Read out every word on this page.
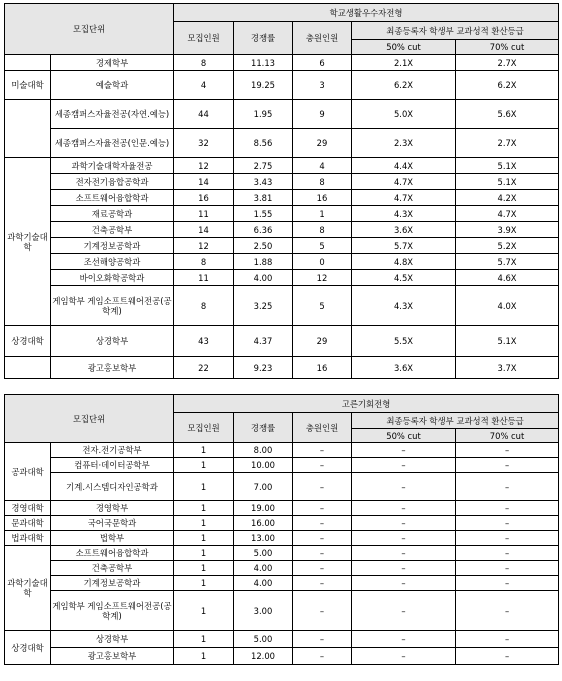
모집단위		학교생활우수자전형				
		모집인원	경쟁률	충원인원	최종등록자 학생부 교과성적 환산등급	
					50% cut	70% cut
	경제학부	8	11.13	6	2.1X	2.7X
미술대학	예술학과	4	19.25	3	6.2X	6.2X
	세종캠퍼스자율전공(자연.예능)	44	1.95	9	5.0X	5.6X
	세종캠퍼스자율전공(인문.예능)	32	8.56	29	2.3X	2.7X
과학기술대학	과학기술대학자율전공	12	2.75	4	4.4X	5.1X
	전자전기융합공학과	14	3.43	8	4.7X	5.1X
	소프트웨어융합학과	16	3.81	16	4.7X	4.2X
	재료공학과	11	1.55	1	4.3X	4.7X
	건축공학부	14	6.36	8	3.6X	3.9X
	기계정보공학과	12	2.50	5	5.7X	5.2X
	조선해양공학과	8	1.88	0	4.8X	5.7X
	바이오화학공학과	11	4.00	12	4.5X	4.6X
	게임학부 게임소프트웨어전공(공학계)	8	3.25	5	4.3X	4.0X
상경대학	상경학부	43	4.37	29	5.5X	5.1X
	광고홍보학부	22	9.23	16	3.6X	3.7X
모집단위		고른기회전형				
		모집인원	경쟁률	충원인원	최종등록자 학생부 교과성적 환산등급	
					50% cut	70% cut
공과대학	전자.전기공학부	1	8.00	–	–	–
	컴퓨터·데이터공학부	1	10.00	–	–	–
	기계.시스템디자인공학과	1	7.00	–	–	–
경영대학	경영학부	1	19.00	–	–	–
문과대학	국어국문학과	1	16.00	–	–	–
법과대학	법학부	1	13.00	–	–	–
과학기술대학	소프트웨어융합학과	1	5.00	–	–	–
	건축공학부	1	4.00	–	–	–
	기계정보공학과	1	4.00	–	–	–
	게임학부 게임소프트웨어전공(공학계)	1	3.00	–	–	–
상경대학	상경학부	1	5.00	–	–	–
	광고홍보학부	1	12.00	–	–	–
